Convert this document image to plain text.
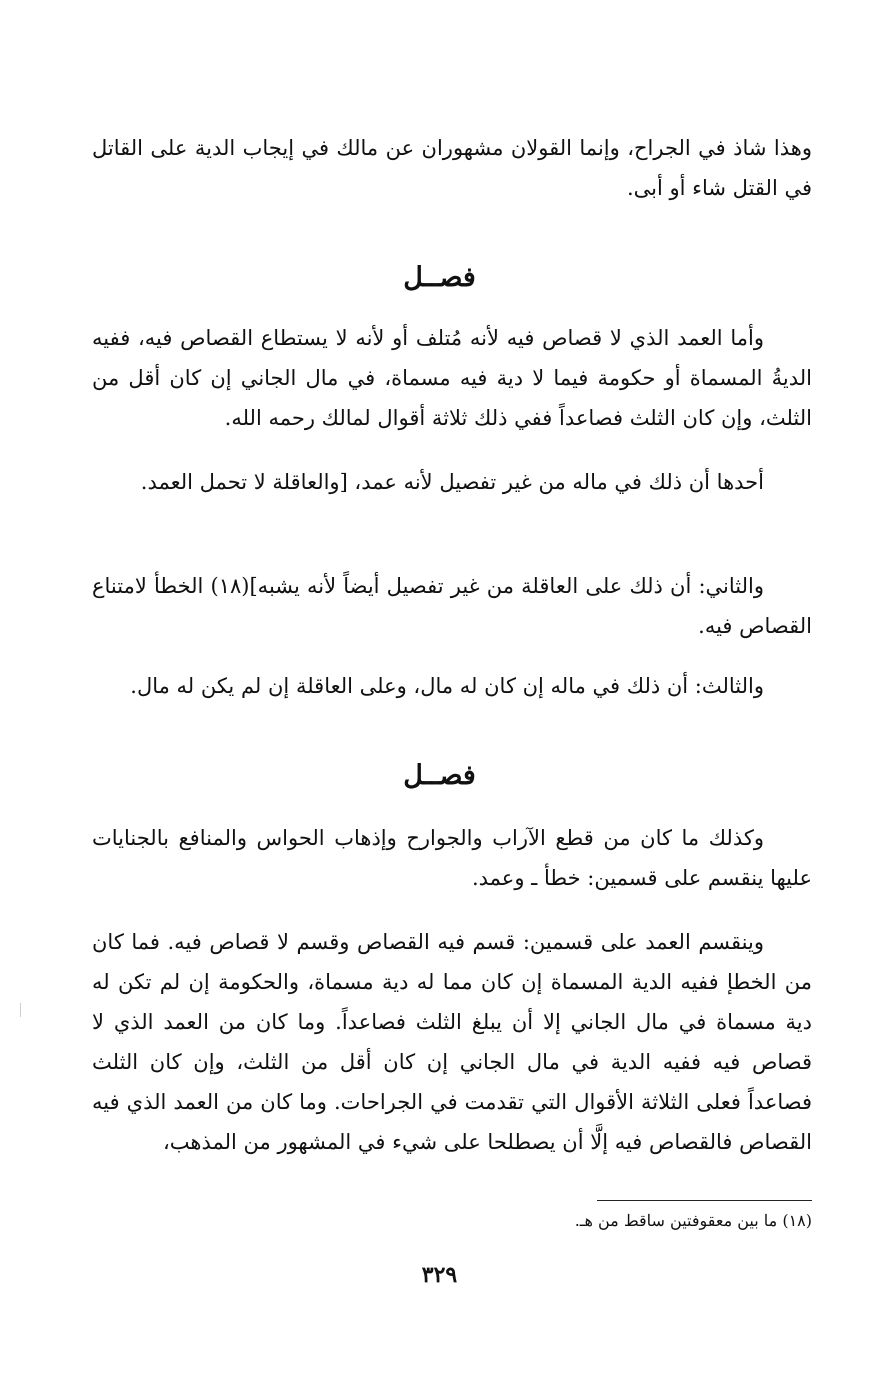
وهذا شاذ في الجراح، وإنما القولان مشهوران عن مالك في إيجاب الدية على القاتل في القتل شاء أو أبى.

فصــل

وأما العمد الذي لا قصاص فيه لأنه مُتلف أو لأنه لا يستطاع القصاص فيه، ففيه الديةُ المسماة أو حكومة فيما لا دية فيه مسماة، في مال الجاني إن كان أقل من الثلث، وإن كان الثلث فصاعداً ففي ذلك ثلاثة أقوال لمالك رحمه الله.

أحدها أن ذلك في ماله من غير تفصيل لأنه عمد، [والعاقلة لا تحمل العمد.

والثاني: أن ذلك على العاقلة من غير تفصيل أيضاً لأنه يشبه](١٨) الخطأ لامتناع القصاص فيه.

والثالث: أن ذلك في ماله إن كان له مال، وعلى العاقلة إن لم يكن له مال.

فصــل

وكذلك ما كان من قطع الآراب والجوارح وإذهاب الحواس والمنافع بالجنايات عليها ينقسم على قسمين: خطأ ـ وعمد.

وينقسم العمد على قسمين: قسم فيه القصاص وقسم لا قصاص فيه. فما كان من الخطإ ففيه الدية المسماة إن كان مما له دية مسماة، والحكومة إن لم تكن له دية مسماة في مال الجاني إلا أن يبلغ الثلث فصاعداً. وما كان من العمد الذي لا قصاص فيه ففيه الدية في مال الجاني إن كان أقل من الثلث، وإن كان الثلث فصاعداً فعلى الثلاثة الأقوال التي تقدمت في الجراحات. وما كان من العمد الذي فيه القصاص فالقصاص فيه إلَّا أن يصطلحا على شيء في المشهور من المذهب،

(١٨) ما بين معقوفتين ساقط من هـ.

٣٢٩
